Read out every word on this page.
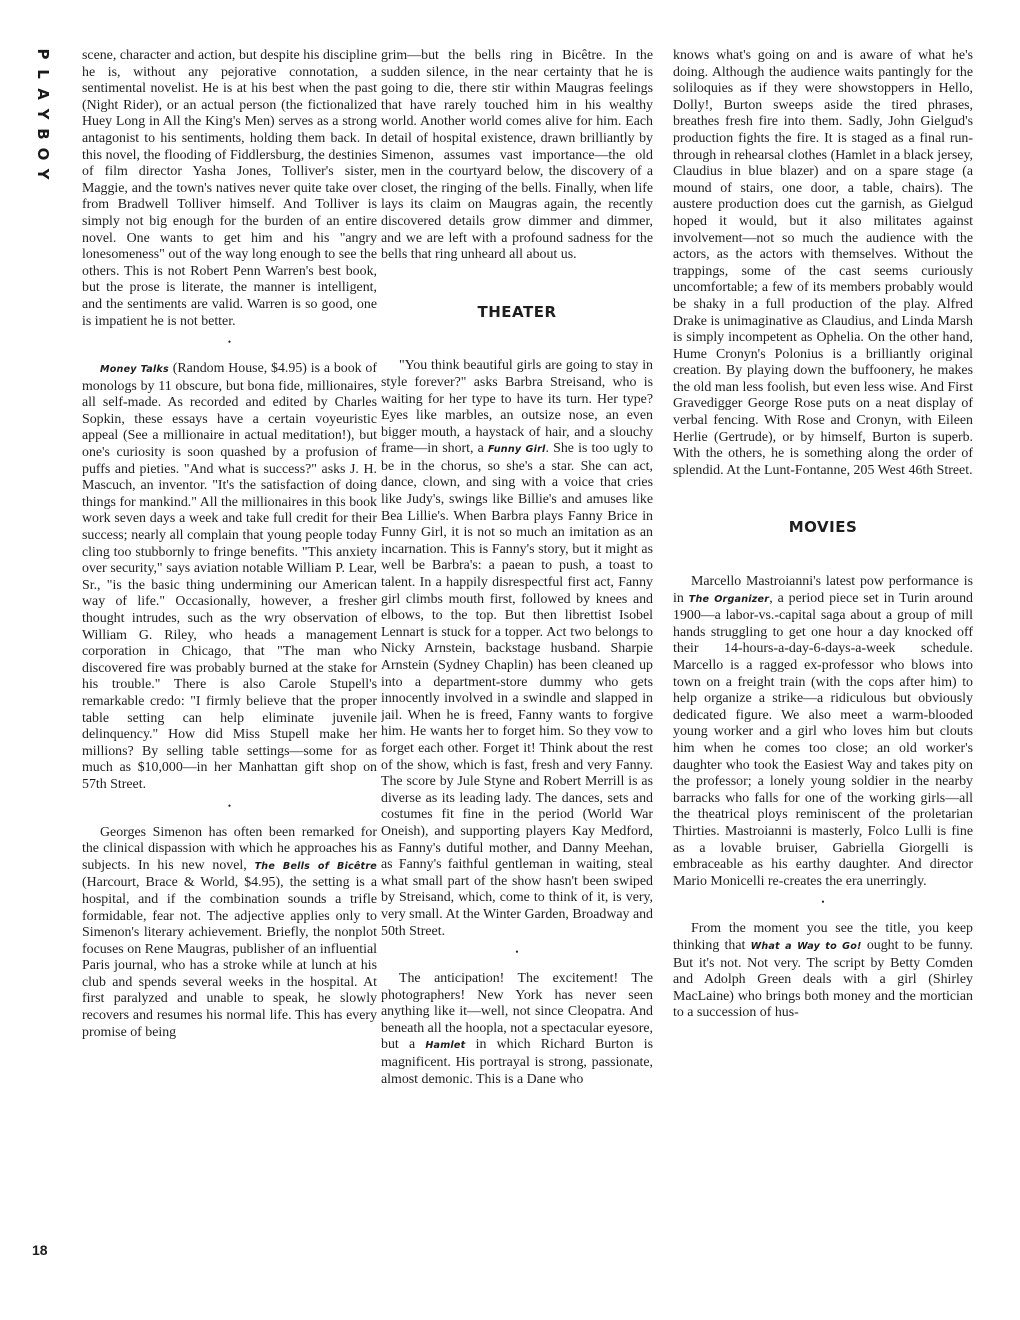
P
L
A
Y
B
O
Y
18

scene, character and action, but despite his discipline he is, without any pejorative connotation, a sentimental novelist. He is at his best when the past (Night Rider), or an actual person (the fictionalized Huey Long in All the King's Men) serves as a strong antagonist to his sentiments, holding them back. In this novel, the flooding of Fiddlersburg, the destinies of film director Yasha Jones, Tolliver's sister, Maggie, and the town's natives never quite take over from Bradwell Tolliver himself. And Tolliver is simply not big enough for the burden of an entire novel. One wants to get him and his "angry lonesomeness" out of the way long enough to see the others. This is not Robert Penn Warren's best book, but the prose is literate, the manner is intelligent, and the sentiments are valid. Warren is so good, one is impatient he is not better.

•

Money Talks (Random House, $4.95) is a book of monologs by 11 obscure, but bona fide, millionaires, all self-made. As recorded and edited by Charles Sopkin, these essays have a certain voyeuristic appeal (See a millionaire in actual meditation!), but one's curiosity is soon quashed by a profusion of puffs and pieties. "And what is success?" asks J. H. Mascuch, an inventor. "It's the satisfaction of doing things for mankind." All the millionaires in this book work seven days a week and take full credit for their success; nearly all complain that young people today cling too stubbornly to fringe benefits. "This anxiety over security," says aviation notable William P. Lear, Sr., "is the basic thing undermining our American way of life." Occasionally, however, a fresher thought intrudes, such as the wry observation of William G. Riley, who heads a management corporation in Chicago, that "The man who discovered fire was probably burned at the stake for his trouble." There is also Carole Stupell's remarkable credo: "I firmly believe that the proper table setting can help eliminate juvenile delinquency." How did Miss Stupell make her millions? By selling table settings—some for as much as $10,000—in her Manhattan gift shop on 57th Street.

•

Georges Simenon has often been remarked for the clinical dispassion with which he approaches his subjects. In his new novel, The Bells of Bicêtre (Harcourt, Brace & World, $4.95), the setting is a hospital, and if the combination sounds a trifle formidable, fear not. The adjective applies only to Simenon's literary achievement. Briefly, the nonplot focuses on Rene Maugras, publisher of an influential Paris journal, who has a stroke while at lunch at his club and spends several weeks in the hospital. At first paralyzed and unable to speak, he slowly recovers and resumes his normal life. This has every promise of being

grim—but the bells ring in Bicêtre. In the sudden silence, in the near certainty that he is going to die, there stir within Maugras feelings that have rarely touched him in his wealthy world. Another world comes alive for him. Each detail of hospital existence, drawn brilliantly by Simenon, assumes vast importance—the old men in the courtyard below, the discovery of a closet, the ringing of the bells. Finally, when life lays its claim on Maugras again, the recently discovered details grow dimmer and dimmer, and we are left with a profound sadness for the bells that ring unheard all about us.

THEATER

"You think beautiful girls are going to stay in style forever?" asks Barbra Streisand, who is waiting for her type to have its turn. Her type? Eyes like marbles, an outsize nose, an even bigger mouth, a haystack of hair, and a slouchy frame—in short, a Funny Girl. She is too ugly to be in the chorus, so she's a star. She can act, dance, clown, and sing with a voice that cries like Judy's, swings like Billie's and amuses like Bea Lillie's. When Barbra plays Fanny Brice in Funny Girl, it is not so much an imitation as an incarnation. This is Fanny's story, but it might as well be Barbra's: a paean to push, a toast to talent. In a happily disrespectful first act, Fanny girl climbs mouth first, followed by knees and elbows, to the top. But then librettist Isobel Lennart is stuck for a topper. Act two belongs to Nicky Arnstein, backstage husband. Sharpie Arnstein (Sydney Chaplin) has been cleaned up into a department-store dummy who gets innocently involved in a swindle and slapped in jail. When he is freed, Fanny wants to forgive him. He wants her to forget him. So they vow to forget each other. Forget it! Think about the rest of the show, which is fast, fresh and very Fanny. The score by Jule Styne and Robert Merrill is as diverse as its leading lady. The dances, sets and costumes fit fine in the period (World War Oneish), and supporting players Kay Medford, as Fanny's dutiful mother, and Danny Meehan, as Fanny's faithful gentleman in waiting, steal what small part of the show hasn't been swiped by Streisand, which, come to think of it, is very, very small. At the Winter Garden, Broadway and 50th Street.

•

The anticipation! The excitement! The photographers! New York has never seen anything like it—well, not since Cleopatra. And beneath all the hoopla, not a spectacular eyesore, but a Hamlet in which Richard Burton is magnificent. His portrayal is strong, passionate, almost demonic. This is a Dane who

knows what's going on and is aware of what he's doing. Although the audience waits pantingly for the soliloquies as if they were showstoppers in Hello, Dolly!, Burton sweeps aside the tired phrases, breathes fresh fire into them. Sadly, John Gielgud's production fights the fire. It is staged as a final run-through in rehearsal clothes (Hamlet in a black jersey, Claudius in blue blazer) and on a spare stage (a mound of stairs, one door, a table, chairs). The austere production does cut the garnish, as Gielgud hoped it would, but it also militates against involvement—not so much the audience with the actors, as the actors with themselves. Without the trappings, some of the cast seems curiously uncomfortable; a few of its members probably would be shaky in a full production of the play. Alfred Drake is unimaginative as Claudius, and Linda Marsh is simply incompetent as Ophelia. On the other hand, Hume Cronyn's Polonius is a brilliantly original creation. By playing down the buffoonery, he makes the old man less foolish, but even less wise. And First Gravedigger George Rose puts on a neat display of verbal fencing. With Rose and Cronyn, with Eileen Herlie (Gertrude), or by himself, Burton is superb. With the others, he is something along the order of splendid. At the Lunt-Fontanne, 205 West 46th Street.

MOVIES

Marcello Mastroianni's latest pow performance is in The Organizer, a period piece set in Turin around 1900—a labor-vs.-capital saga about a group of mill hands struggling to get one hour a day knocked off their 14-hours-a-day-6-days-a-week schedule. Marcello is a ragged ex-professor who blows into town on a freight train (with the cops after him) to help organize a strike—a ridiculous but obviously dedicated figure. We also meet a warm-blooded young worker and a girl who loves him but clouts him when he comes too close; an old worker's daughter who took the Easiest Way and takes pity on the professor; a lonely young soldier in the nearby barracks who falls for one of the working girls—all the theatrical ploys reminiscent of the proletarian Thirties. Mastroianni is masterly, Folco Lulli is fine as a lovable bruiser, Gabriella Giorgelli is embraceable as his earthy daughter. And director Mario Monicelli re-creates the era unerringly.

•

From the moment you see the title, you keep thinking that What a Way to Go! ought to be funny. But it's not. Not very. The script by Betty Comden and Adolph Green deals with a girl (Shirley MacLaine) who brings both money and the mortician to a succession of hus-
